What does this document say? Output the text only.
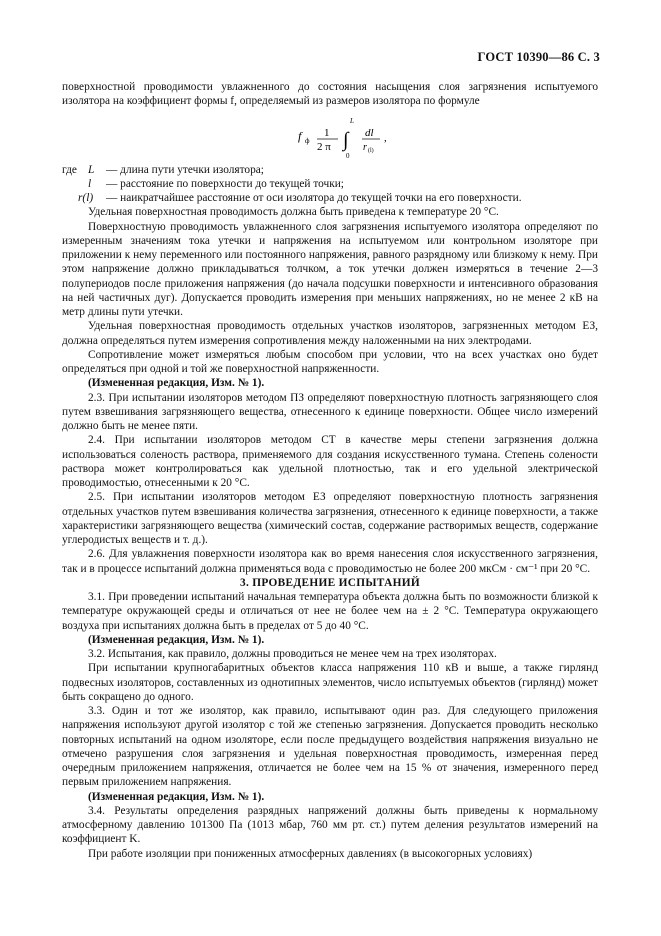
ГОСТ 10390—86 С. 3

поверхностной проводимости увлажненного до состояния насыщения слоя загрязнения испытуемого изолятора на коэффициент формы f, определяемый из размеров изолятора по формуле

f ф
1
2 π ∫
L
0
dl
r (l)
,
где L — длина пути утечки изолятора;
l — расстояние по поверхности до текущей точки;
r(l) — наикратчайшее расстояние от оси изолятора до текущей точки на его поверхности.

Удельная поверхностная проводимость должна быть приведена к температуре 20 °С.

Поверхностную проводимость увлажненного слоя загрязнения испытуемого изолятора определяют по измеренным значениям тока утечки и напряжения на испытуемом или контрольном изоляторе при приложении к нему переменного или постоянного напряжения, равного разрядному или близкому к нему. При этом напряжение должно прикладываться толчком, а ток утечки должен измеряться в течение 2—3 полупериодов после приложения напряжения (до начала подсушки поверхности и интенсивного образования на ней частичных дуг). Допускается проводить измерения при меньших напряжениях, но не менее 2 кВ на метр длины пути утечки.

Удельная поверхностная проводимость отдельных участков изоляторов, загрязненных методом ЕЗ, должна определяться путем измерения сопротивления между наложенными на них электродами.

Сопротивление может измеряться любым способом при условии, что на всех участках оно будет определяться при одной и той же поверхностной напряженности.

(Измененная редакция, Изм. № 1).

2.3. При испытании изоляторов методом ПЗ определяют поверхностную плотность загрязняющего слоя путем взвешивания загрязняющего вещества, отнесенного к единице поверхности. Общее число измерений должно быть не менее пяти.

2.4. При испытании изоляторов методом СТ в качестве меры степени загрязнения должна использоваться соленость раствора, применяемого для создания искусственного тумана. Степень солености раствора может контролироваться как удельной плотностью, так и его удельной электрической проводимостью, отнесенными к 20 °С.

2.5. При испытании изоляторов методом ЕЗ определяют поверхностную плотность загрязнения отдельных участков путем взвешивания количества загрязнения, отнесенного к единице поверхности, а также характеристики загрязняющего вещества (химический состав, содержание растворимых веществ, содержание углеродистых веществ и т. д.).

2.6. Для увлажнения поверхности изолятора как во время нанесения слоя искусственного загрязнения, так и в процессе испытаний должна применяться вода с проводимостью не более 200 мкСм · см⁻¹ при 20 °С.

3. ПРОВЕДЕНИЕ ИСПЫТАНИЙ

3.1. При проведении испытаний начальная температура объекта должна быть по возможности близкой к температуре окружающей среды и отличаться от нее не более чем на ± 2 °С. Температура окружающего воздуха при испытаниях должна быть в пределах от 5 до 40 °С.

(Измененная редакция, Изм. № 1).

3.2. Испытания, как правило, должны проводиться не менее чем на трех изоляторах.

При испытании крупногабаритных объектов класса напряжения 110 кВ и выше, а также гирлянд подвесных изоляторов, составленных из однотипных элементов, число испытуемых объектов (гирлянд) может быть сокращено до одного.

3.3. Один и тот же изолятор, как правило, испытывают один раз. Для следующего приложения напряжения используют другой изолятор с той же степенью загрязнения. Допускается проводить несколько повторных испытаний на одном изоляторе, если после предыдущего воздействия напряжения визуально не отмечено разрушения слоя загрязнения и удельная поверхностная проводимость, измеренная перед очередным приложением напряжения, отличается не более чем на 15 % от значения, измеренного перед первым приложением напряжения.

(Измененная редакция, Изм. № 1).

3.4. Результаты определения разрядных напряжений должны быть приведены к нормальному атмосферному давлению 101300 Па (1013 мбар, 760 мм рт. ст.) путем деления результатов измерений на коэффициент K.

При работе изоляции при пониженных атмосферных давлениях (в высокогорных условиях)
